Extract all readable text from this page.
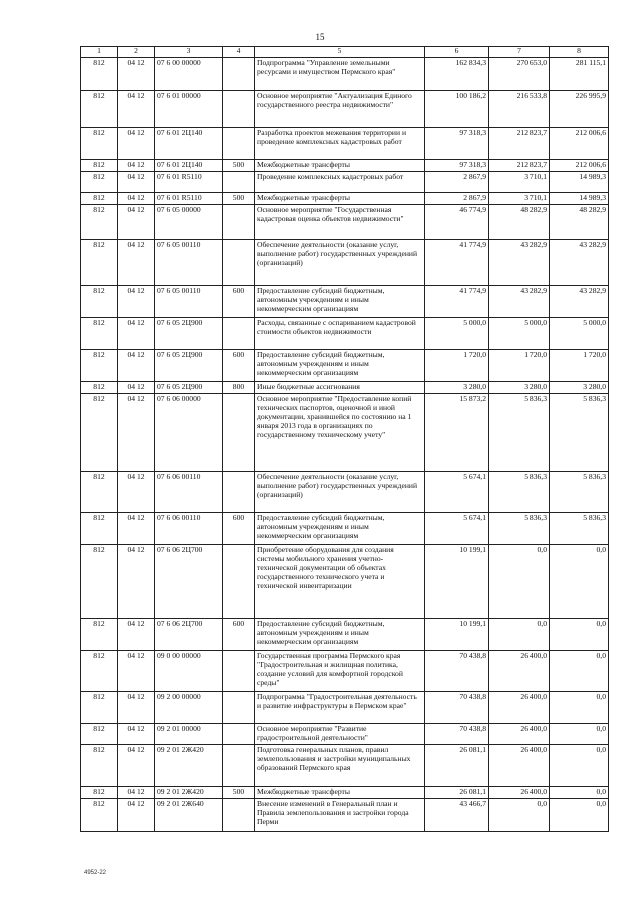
15
1	2	3	4	5	6	7	8
812	04 12	07 6 00 00000		Подпрограмма "Управление земельными ресурсами и имуществом Пермского края"	162 834,3	270 653,0	281 115,1
812	04 12	07 6 01 00000		Основное мероприятие "Актуализация Единого государственного реестра недвижимости"	100 186,2	216 533,8	226 995,9
812	04 12	07 6 01 2Ц140		Разработка проектов межевания территории и проведение комплексных кадастровых работ	97 318,3	212 823,7	212 006,6
812	04 12	07 6 01 2Ц140	500	Межбюджетные трансферты	97 318,3	212 823,7	212 006,6
812	04 12	07 6 01 R5110		Проведение комплексных кадастровых работ	2 867,9	3 710,1	14 989,3
812	04 12	07 6 01 R5110	500	Межбюджетные трансферты	2 867,9	3 710,1	14 989,3
812	04 12	07 6 05 00000		Основное мероприятие "Государственная кадастровая оценка объектов недвижимости"	46 774,9	48 282,9	48 282,9
812	04 12	07 6 05 00110		Обеспечение деятельности (оказание услуг, выполнение работ) государственных учреждений (организаций)	41 774,9	43 282,9	43 282,9
812	04 12	07 6 05 00110	600	Предоставление субсидий бюджетным, автономным учреждениям и иным некоммерческим организациям	41 774,9	43 282,9	43 282,9
812	04 12	07 6 05 2Ц900		Расходы, связанные с оспариванием кадастровой стоимости объектов недвижимости	5 000,0	5 000,0	5 000,0
812	04 12	07 6 05 2Ц900	600	Предоставление субсидий бюджетным, автономным учреждениям и иным некоммерческим организациям	1 720,0	1 720,0	1 720,0
812	04 12	07 6 05 2Ц900	800	Иные бюджетные ассигнования	3 280,0	3 280,0	3 280,0
812	04 12	07 6 06 00000		Основное мероприятие "Предоставление копий технических паспортов, оценочной и иной документации, хранившейся по состоянию на 1 января 2013 года в организациях по государственному техническому учету"	15 873,2	5 836,3	5 836,3
812	04 12	07 6 06 00110		Обеспечение деятельности (оказание услуг, выполнение работ) государственных учреждений (организаций)	5 674,1	5 836,3	5 836,3
812	04 12	07 6 06 00110	600	Предоставление субсидий бюджетным, автономным учреждениям и иным некоммерческим организациям	5 674,1	5 836,3	5 836,3
812	04 12	07 6 06 2Ц700		Приобретение оборудования для создания системы мобильного хранения учетно-технической документации об объектах государственного технического учета и технической инвентаризации	10 199,1	0,0	0,0
812	04 12	07 6 06 2Ц700	600	Предоставление субсидий бюджетным, автономным учреждениям и иным некоммерческим организациям	10 199,1	0,0	0,0
812	04 12	09 0 00 00000		Государственная программа Пермского края "Градостроительная и жилищная политика, создание условий для комфортной городской среды"	70 438,8	26 400,0	0,0
812	04 12	09 2 00 00000		Подпрограмма "Градостроительная деятельность и развитие инфраструктуры в Пермском крае"	70 438,8	26 400,0	0,0
812	04 12	09 2 01 00000		Основное мероприятие "Развитие градостроительной деятельности"	70 438,8	26 400,0	0,0
812	04 12	09 2 01 2Ж420		Подготовка генеральных планов, правил землепользования и застройки муниципальных образований Пермского края	26 081,1	26 400,0	0,0
812	04 12	09 2 01 2Ж420	500	Межбюджетные трансферты	26 081,1	26 400,0	0,0
812	04 12	09 2 01 2Ж640		Внесение изменений в Генеральный план и Правила землепользования и застройки города Перми	43 466,7	0,0	0,0
4952-22
